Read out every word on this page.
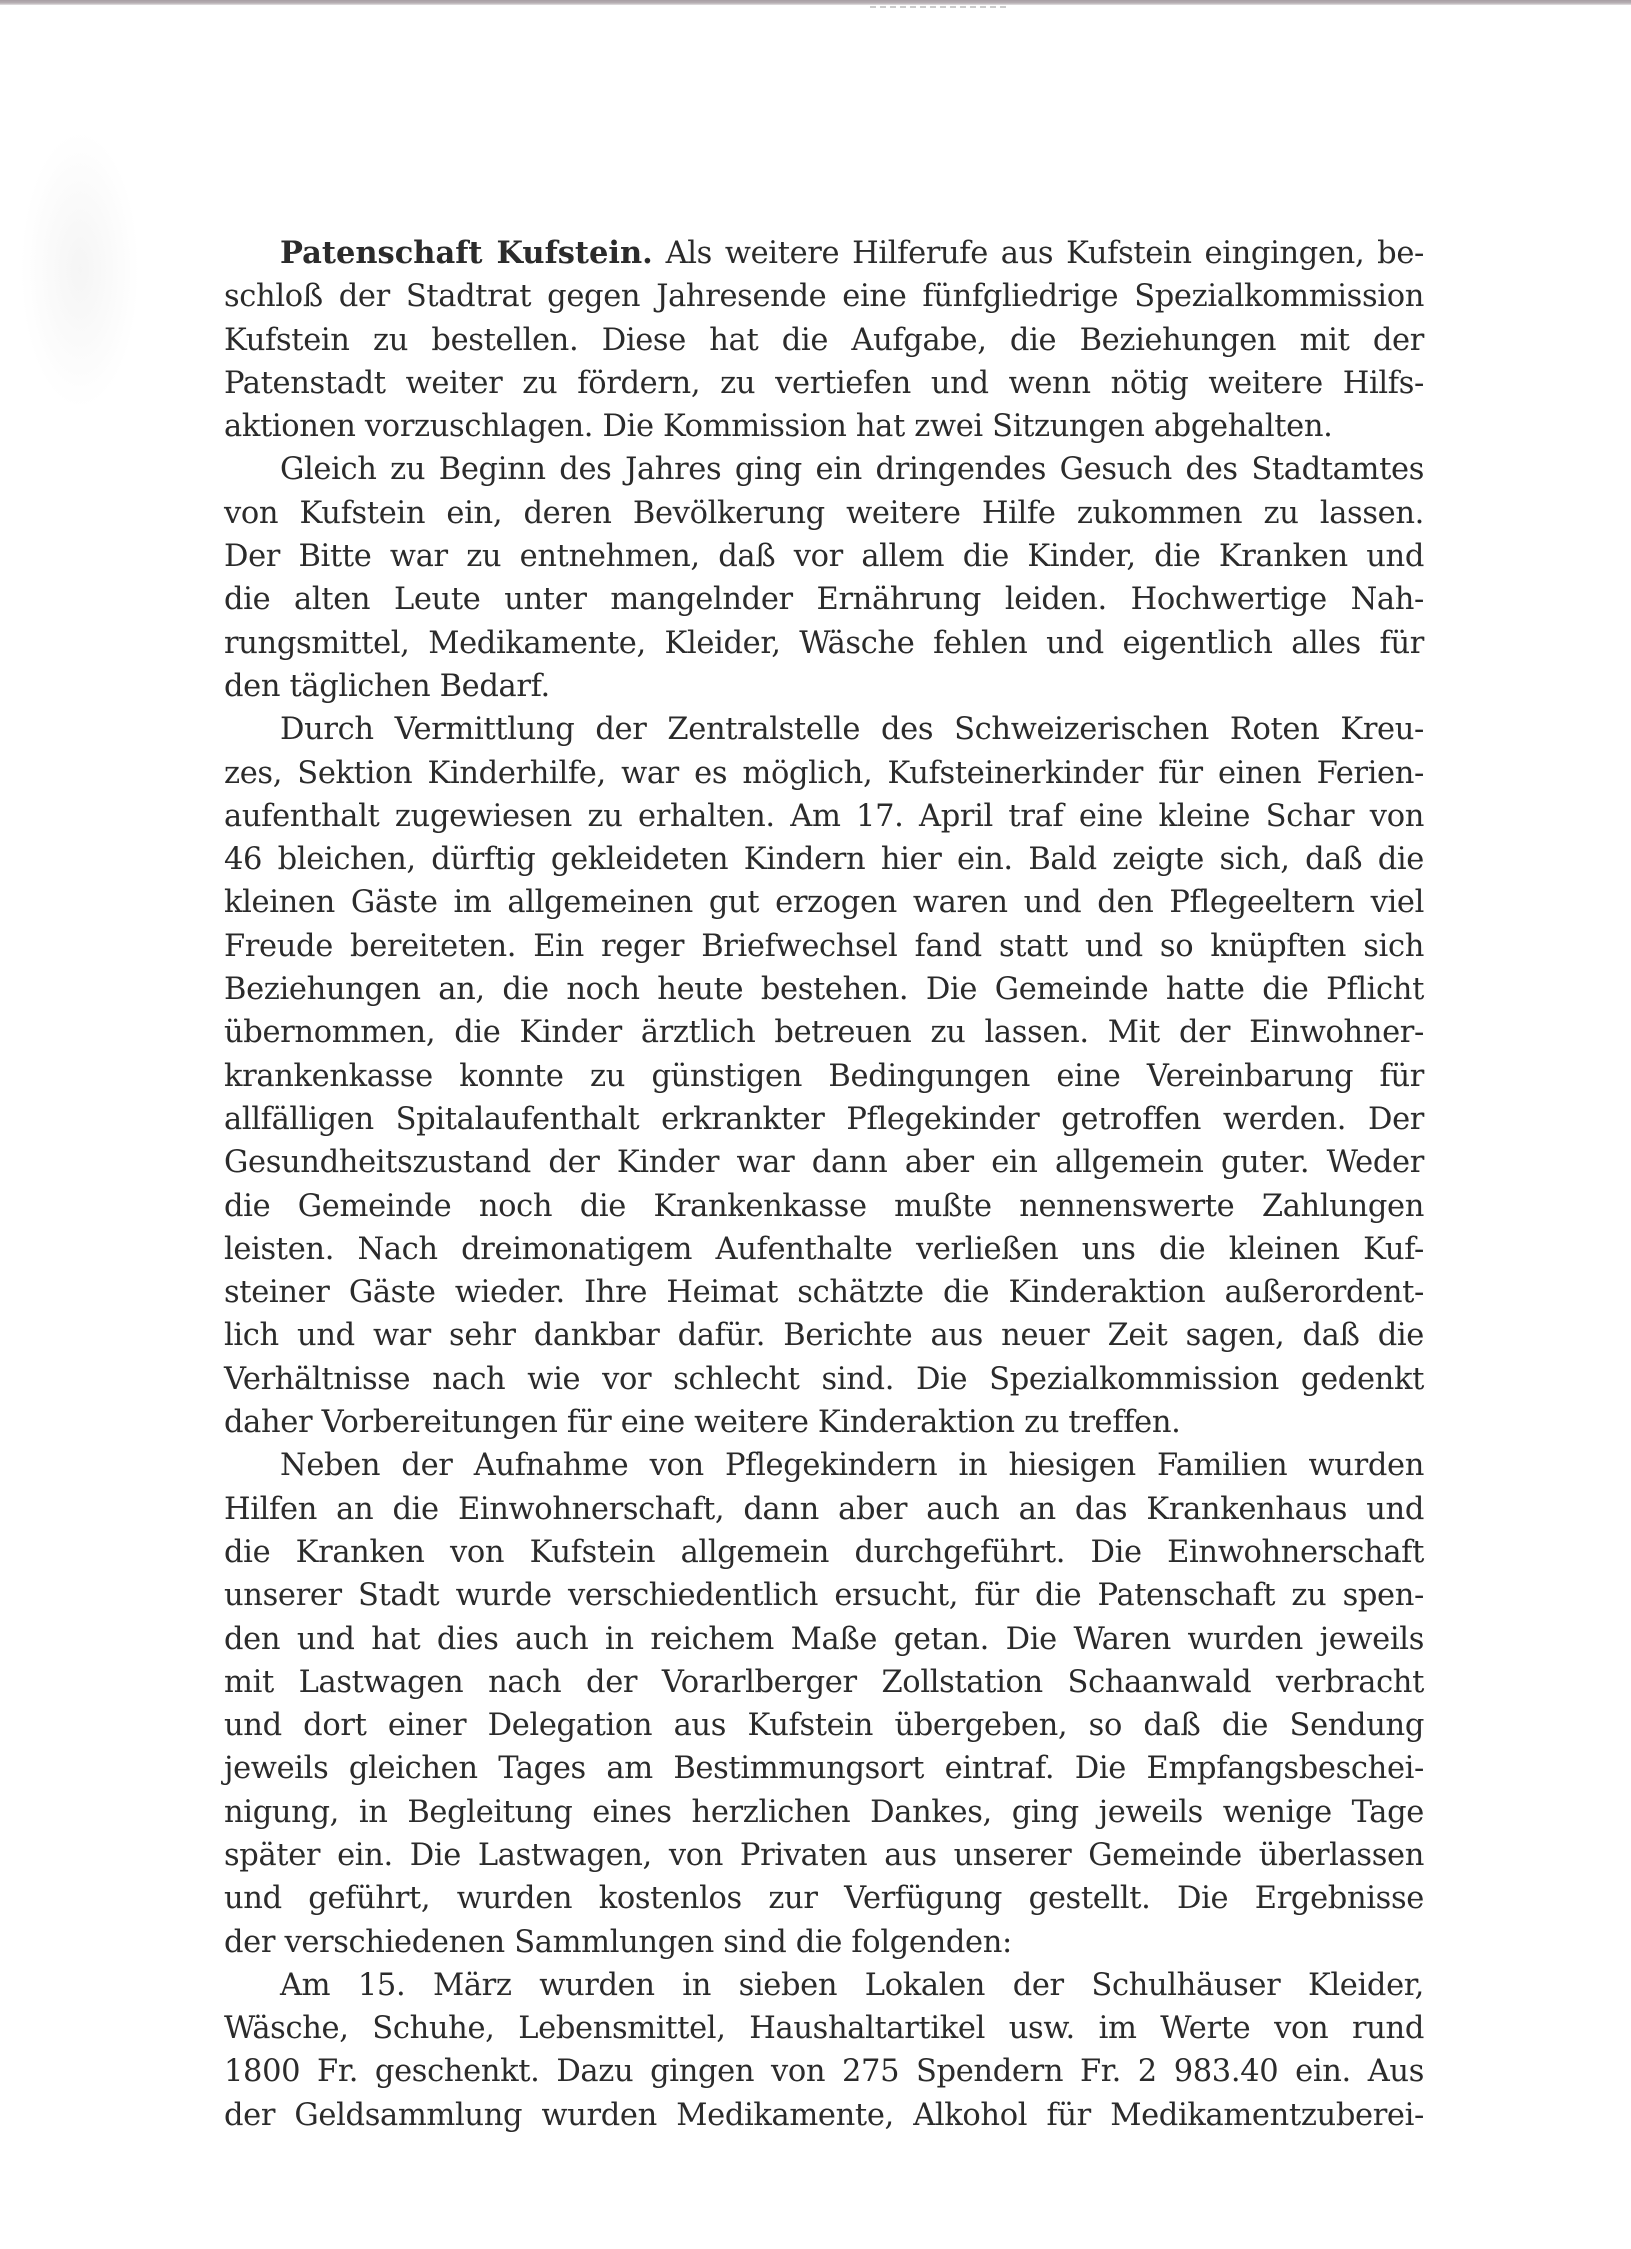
Patenschaft Kufstein. Als weitere Hilferufe aus Kufstein eingingen, be-
schloß der Stadtrat gegen Jahresende eine fünfgliedrige Spezialkommission
Kufstein zu bestellen. Diese hat die Aufgabe, die Beziehungen mit der
Patenstadt weiter zu fördern, zu vertiefen und wenn nötig weitere Hilfs-
aktionen vorzuschlagen. Die Kommission hat zwei Sitzungen abgehalten.

Gleich zu Beginn des Jahres ging ein dringendes Gesuch des Stadtamtes
von Kufstein ein, deren Bevölkerung weitere Hilfe zukommen zu lassen.
Der Bitte war zu entnehmen, daß vor allem die Kinder, die Kranken und
die alten Leute unter mangelnder Ernährung leiden. Hochwertige Nah-
rungsmittel, Medikamente, Kleider, Wäsche fehlen und eigentlich alles für
den täglichen Bedarf.

Durch Vermittlung der Zentralstelle des Schweizerischen Roten Kreu-
zes, Sektion Kinderhilfe, war es möglich, Kufsteinerkinder für einen Ferien-
aufenthalt zugewiesen zu erhalten. Am 17. April traf eine kleine Schar von
46 bleichen, dürftig gekleideten Kindern hier ein. Bald zeigte sich, daß die
kleinen Gäste im allgemeinen gut erzogen waren und den Pflegeeltern viel
Freude bereiteten. Ein reger Briefwechsel fand statt und so knüpften sich
Beziehungen an, die noch heute bestehen. Die Gemeinde hatte die Pflicht
übernommen, die Kinder ärztlich betreuen zu lassen. Mit der Einwohner-
krankenkasse konnte zu günstigen Bedingungen eine Vereinbarung für
allfälligen Spitalaufenthalt erkrankter Pflegekinder getroffen werden. Der
Gesundheitszustand der Kinder war dann aber ein allgemein guter. Weder
die Gemeinde noch die Krankenkasse mußte nennenswerte Zahlungen
leisten. Nach dreimonatigem Aufenthalte verließen uns die kleinen Kuf-
steiner Gäste wieder. Ihre Heimat schätzte die Kinderaktion außerordent-
lich und war sehr dankbar dafür. Berichte aus neuer Zeit sagen, daß die
Verhältnisse nach wie vor schlecht sind. Die Spezialkommission gedenkt
daher Vorbereitungen für eine weitere Kinderaktion zu treffen.

Neben der Aufnahme von Pflegekindern in hiesigen Familien wurden
Hilfen an die Einwohnerschaft, dann aber auch an das Krankenhaus und
die Kranken von Kufstein allgemein durchgeführt. Die Einwohnerschaft
unserer Stadt wurde verschiedentlich ersucht, für die Patenschaft zu spen-
den und hat dies auch in reichem Maße getan. Die Waren wurden jeweils
mit Lastwagen nach der Vorarlberger Zollstation Schaanwald verbracht
und dort einer Delegation aus Kufstein übergeben, so daß die Sendung
jeweils gleichen Tages am Bestimmungsort eintraf. Die Empfangsbeschei-
nigung, in Begleitung eines herzlichen Dankes, ging jeweils wenige Tage
später ein. Die Lastwagen, von Privaten aus unserer Gemeinde überlassen
und geführt, wurden kostenlos zur Verfügung gestellt. Die Ergebnisse
der verschiedenen Sammlungen sind die folgenden:

Am 15. März wurden in sieben Lokalen der Schulhäuser Kleider,
Wäsche, Schuhe, Lebensmittel, Haushaltartikel usw. im Werte von rund
1800 Fr. geschenkt. Dazu gingen von 275 Spendern Fr. 2 983.40 ein. Aus
der Geldsammlung wurden Medikamente, Alkohol für Medikamentzuberei-
